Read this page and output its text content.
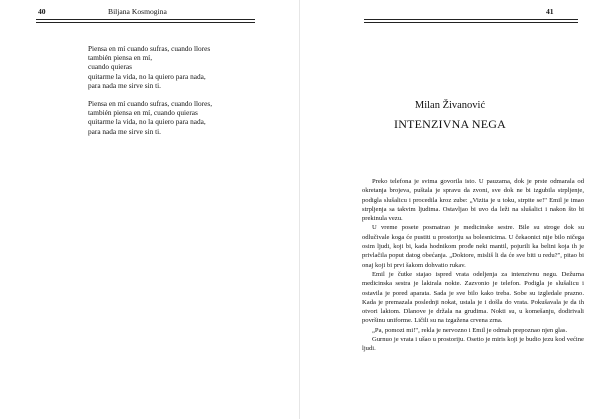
40	Biljana Kosmogina
Piensa en mí cuando sufras, cuando llores
también piensa en mí,
cuando quieras
quitarme la vida, no la quiero para nada,
para nada me sirve sin ti.
Piensa en mí cuando sufras, cuando llores,
también piensa en mí, cuando quieras
quitarme la vida, no la quiero para nada,
para nada me sirve sin ti.
41
Milan Živanović
INTENZIVNA NEGA

Preko telefona je svima govorila isto. U pauzama, dok je prste odmarala od okretanja brojeva, puštala je spravu da zvoni, sve dok ne bi izgubila strpljenje, podigla slušalicu i procedila kroz zube: „Vizita je u toku, strpite se!" Emil je imao strpljenja sa takvim ljudima. Ostavljao bi uvo da leži na slušalici i nakon što bi prekinula vezu.

U vreme posete posmatrao je medicinske sestre. Bile su stroge dok su odlučivale koga će pustiti u prostoriju sa bolesnicima. U čekaonici nije bilo ničega osim ljudi, koji bi, kada hodnikom prođe neki mantil, pojurili ka belini koja ih je privlačila poput datog obećanja. „Doktore, misliš li da će sve biti u redu?", pitao bi onaj koji bi prvi šakom dohvatio rukav.

Emil je čutke stajao ispred vrata odeljenja za intenzivnu negu. Dežurna medicinska sestra je lakirala nokte. Zazvonio je telefon. Podigla je slušalicu i ostavila je pored aparata. Sada je sve bilo kako treba. Sobe su izgledale prazno. Kada je premazala poslednji nokat, ustala je i došla do vrata. Pokušavala je da ih otvori laktom. Dlanove je držala na grudima. Nokti su, u komešanju, dodirivali površinu uniforme. Ličili su na izgažena crvena zrna.

„Pa, pomozi mi!", rekla je nervozno i Emil je odmah prepoznao njen glas.

Gurnuo je vrata i ušao u prostoriju. Osetio je miris koji je budio jezu kod većine ljudi.
